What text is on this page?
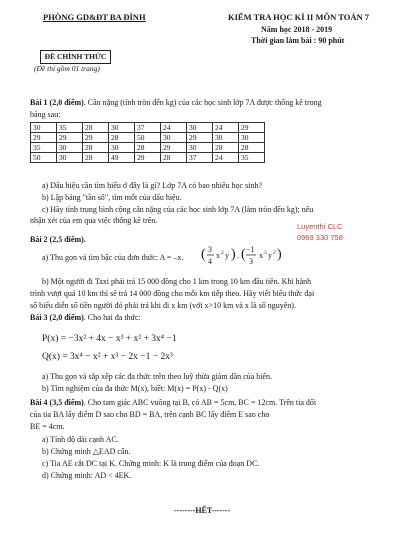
PHÒNG GD&ĐT BA ĐÌNH	KIỂM TRA HỌC KÌ II MÔN TOÁN 7
Năm học 2018 - 2019
Thời gian làm bài : 90 phút
ĐỀ CHÍNH THỨC
(Đề thi gồm 01 trang)
Bài 1 (2,0 điểm). Cân nặng (tính tròn đến kg) của các học sinh lớp 7A được thống kê trong
bảng sau:
30	35	28	30	37	24	30	24	29
29	29	29	28	50	30	29	30	30
35	30	28	30	28	29	30	28	28
50	30	28	49	29	28	37	24	35
a) Dấu hiệu cần tìm hiểu ở đây là gì? Lớp 7A có bao nhiêu học sinh?
b) Lập bảng "tần số", tìm mốt của dấu hiệu.
c) Hãy tính trung bình cộng cân nặng của các học sinh lớp 7A (làm tròn đến kg); nêu
nhận xét của em qua việc thống kê trên.
Luyenthi CLC
0969 330 758
Bài 2 (2,5 điểm).
a) Thu gọn và tìm bậc của đơn thức: A = –x. ( 3
4
x 2 y ) . ( −1
3
x 3 y 2 )
b) Một người đi Taxi phải trả 15 000 đồng cho 1 km trong 10 km đầu tiên. Khi hành
trình vượt quá 10 km thì sẽ trả 14 000 đồng cho mỗi km tiếp theo. Hãy viết biểu thức đại
số biểu diễn số tiền người đó phải trả khi đi x km (với x>10 km và x là số nguyên).
Bài 3 (2,0 điểm). Cho hai đa thức:
P(x) = −3x² + 4x − x³ + x² + 3x⁴ −1
Q(x) = 3x⁴ − x² + x³ − 2x −1 − 2x³
a) Thu gọn và sắp xếp các đa thức trên theo luỹ thừa giảm dần của biến.
b) Tìm nghiệm của đa thức M(x), biết: M(x) = P(x) - Q(x)
Bài 4 (3,5 điểm). Cho tam giác ABC vuông tại B, có AB = 5cm, BC = 12cm. Trên tia đối
của tia BA lấy điểm D sao cho BD = BA, trên cạnh BC lấy điểm E sao cho
BE = 4cm.
a) Tính độ dài cạnh AC.
b) Chứng minh △EAD cân.
c) Tia AE cắt DC tại K. Chứng minh: K là trung điểm của đoạn DC.
d) Chứng minh: AD < 4EK.
--------HẾT-------
